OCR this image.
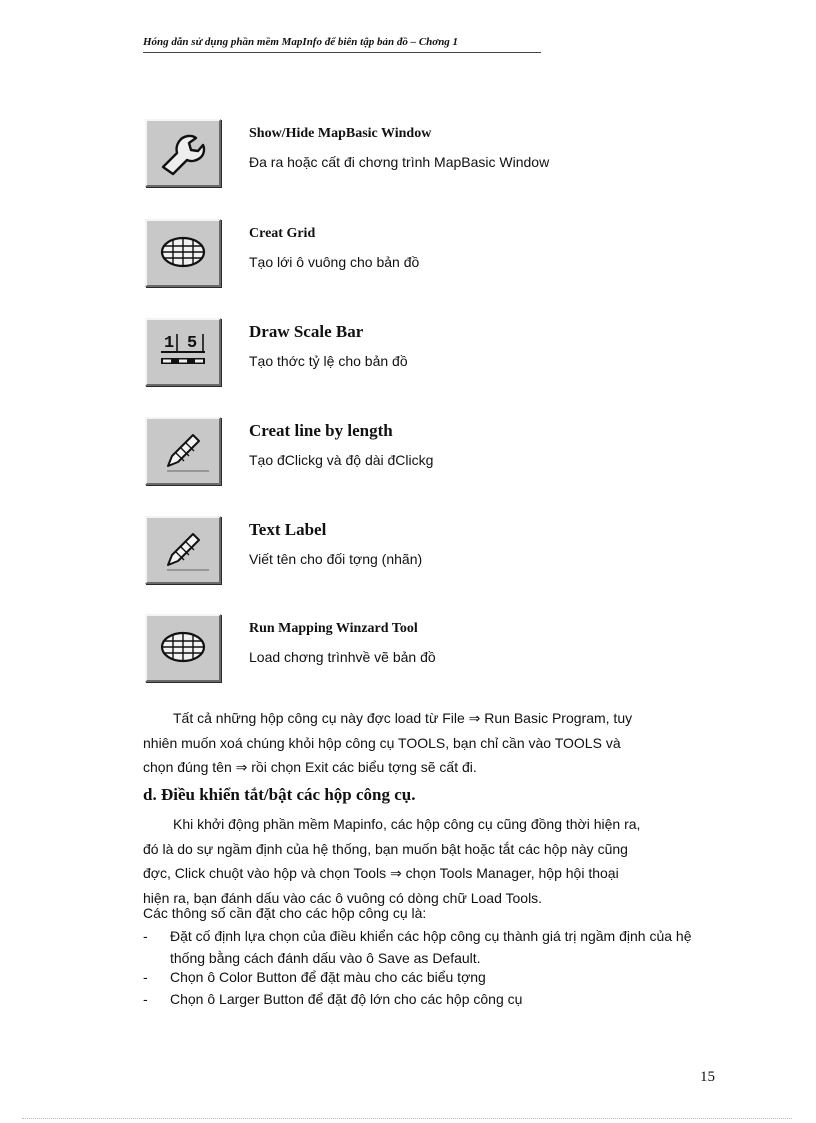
Hóng dẫn sử dụng phần mềm MapInfo để biên tập bản đồ – Chơng 1
Show/Hide MapBasic Window
Đa ra hoặc cất đi chơng trình MapBasic Window
Creat Grid
Tạo lới ô vuông cho bản đồ
1 5
Draw Scale Bar
Tạo thớc tỷ lệ cho bản đồ
Creat line by length
Tạo đClickg và độ dài đClickg
Text Label
Viết tên cho đối tợng (nhãn)
Run Mapping Winzard Tool
Load chơng trìnhvề vẽ bản đồ
Tất cả những hộp công cụ này đợc load từ File ⇒ Run Basic Program, tuy
nhiên muốn xoá chúng khỏi hộp công cụ TOOLS, bạn chỉ cần vào TOOLS và
chọn đúng tên ⇒ rồi chọn Exit các biểu tợng sẽ cất đi.
d. Điều khiển tắt/bật các hộp công cụ.
Khi khởi động phần mềm Mapinfo, các hộp công cụ cũng đồng thời hiện ra,
đó là do sự ngầm định của hệ thống, bạn muốn bật hoặc tắt các hộp này cũng
đợc, Click chuột vào hộp và chọn Tools ⇒ chọn Tools Manager, hộp hội thoại
hiện ra, bạn đánh dấu vào các ô vuông có dòng chữ Load Tools.
Các thông số cần đặt cho các hộp công cụ là:
- Đặt cố định lựa chọn của điều khiển các hộp công cụ thành giá trị ngầm định của hệ thống bằng cách đánh dấu vào ô Save as Default.
- Chọn ô Color Button để đặt màu cho các biểu tợng
- Chọn ô Larger Button để đặt độ lớn cho các hộp công cụ
15
